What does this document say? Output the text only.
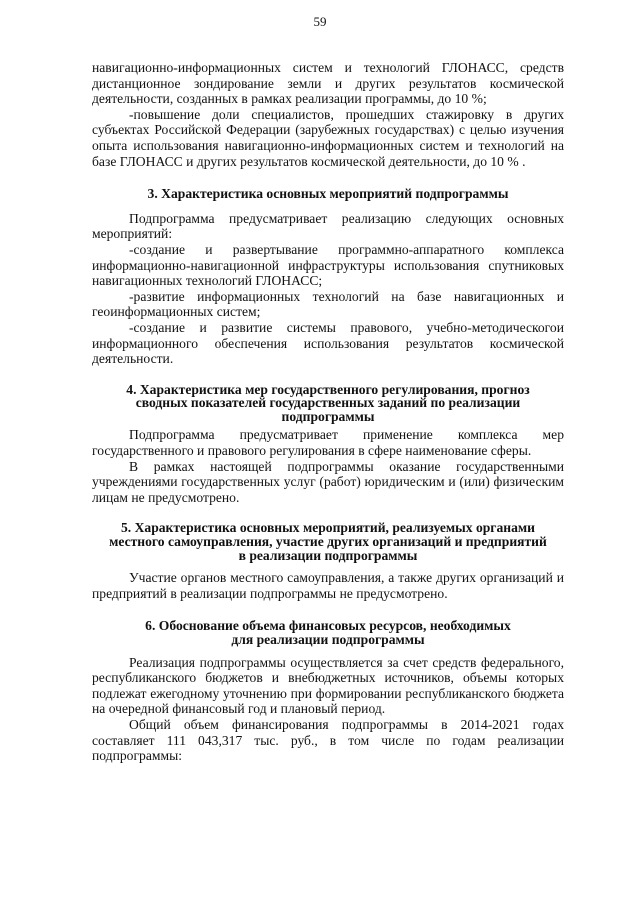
59

навигационно-информационных систем и технологий ГЛОНАСС, средств дистанционное зондирование земли и других результатов космической деятельности, созданных в рамках реализации программы, до 10 %;

-повышение доли специалистов, прошедших стажировку в других субъектах Российской Федерации (зарубежных государствах) с целью изучения опыта использования навигационно-информационных систем и технологий на базе ГЛОНАСС и других результатов космической деятельности, до 10 % .

3. Характеристика основных мероприятий подпрограммы

Подпрограмма предусматривает реализацию следующих основных мероприятий:

-создание и развертывание программно-аппаратного комплекса информационно-навигационной инфраструктуры использования спутниковых навигационных технологий ГЛОНАСС;

-развитие информационных технологий на базе навигационных и геоинформационных систем;

-создание и развитие системы правового, учебно-методическогои информационного обеспечения использования результатов космической деятельности.

4. Характеристика мер государственного регулирования, прогноз
сводных показателей государственных заданий по реализации
подпрограммы

Подпрограмма предусматривает применение комплекса мер государственного и правового регулирования в сфере наименование сферы.

В рамках настоящей подпрограммы оказание государственными учреждениями государственных услуг (работ) юридическим и (или) физическим лицам не предусмотрено.

5. Характеристика основных мероприятий, реализуемых органами
местного самоуправления, участие других организаций и предприятий
в реализации подпрограммы

Участие органов местного самоуправления, а также других организаций и предприятий в реализации подпрограммы не предусмотрено.

6. Обоснование объема финансовых ресурсов, необходимых
для реализации подпрограммы

Реализация подпрограммы осуществляется за счет средств федерального, республиканского бюджетов и внебюджетных источников, объемы которых подлежат ежегодному уточнению при формировании республиканского бюджета на очередной финансовый год и плановый период.

Общий объем финансирования подпрограммы в 2014-2021 годах составляет 111 043,317 тыс. руб., в том числе по годам реализации подпрограммы:
